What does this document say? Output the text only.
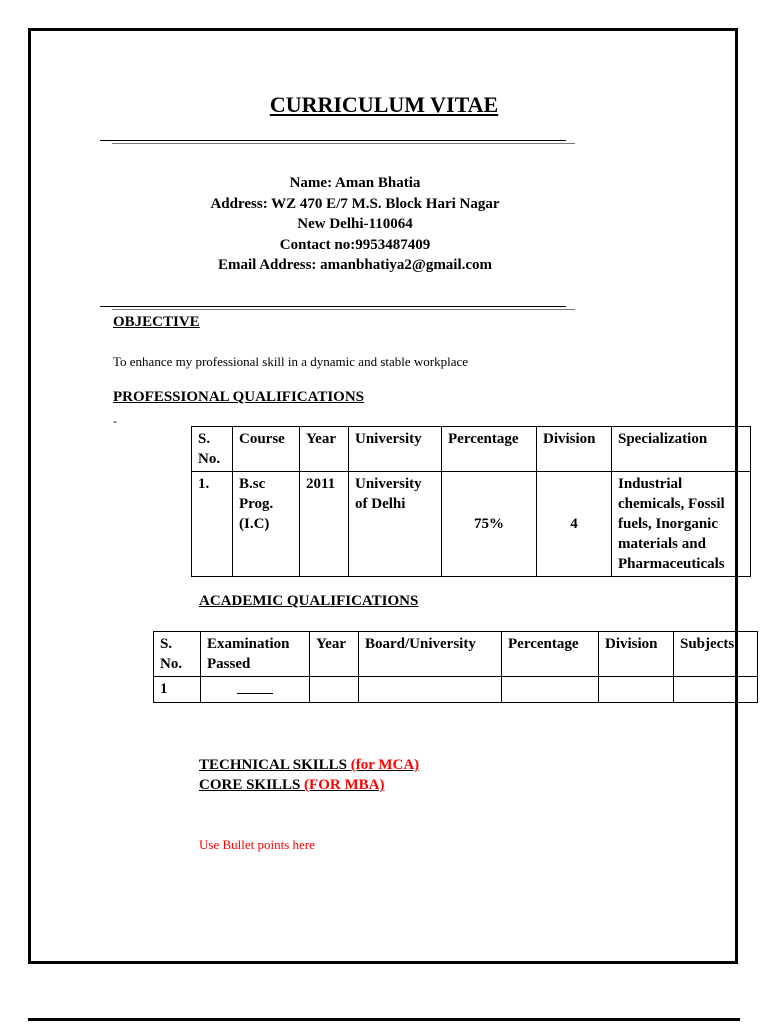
CURRICULUM VITAE
Name: Aman Bhatia
Address: WZ 470 E/7 M.S. Block Hari Nagar
New Delhi-110064
Contact no:9953487409
Email Address: amanbhatiya2@gmail.com
OBJECTIVE
To enhance my professional skill in a dynamic and stable workplace
PROFESSIONAL QUALIFICATIONS
-
S. No.	Course	Year	University	Percentage	Division	Specialization
1.	B.sc Prog. (I.C)	2011	University of Delhi	75%	4	Industrial chemicals, Fossil fuels, Inorganic materials and Pharmaceuticals
ACADEMIC QUALIFICATIONS
S. No.	Examination Passed	Year	Board/University	Percentage	Division	Subjects
1						
TECHNICAL SKILLS (for MCA)
CORE SKILLS (FOR MBA)
Use Bullet points here
